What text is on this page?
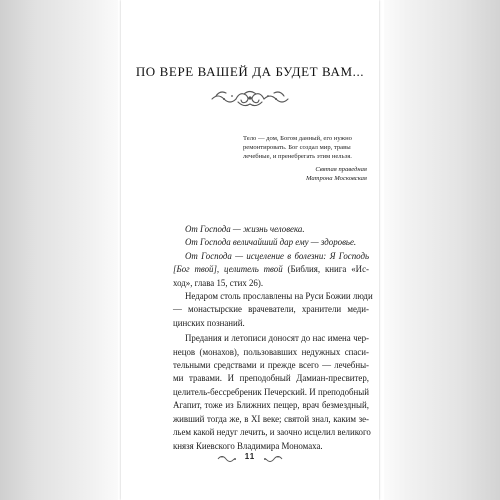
ПО ВЕРЕ ВАШЕЙ ДА БУДЕТ ВАМ...

Тело — дом, Богом данный, его нужно

ремонтировать. Бог создал мир, травы

лечебные, и пренебрегать этим нельзя.

Святая праведная

Матрона Московская

От Господа — жизнь человека.
От Господа величайший дар ему — здоровье.
От Господа — исцеление в болезни: Я Господь
[Бог твой], целитель твой (Библия, книга «Ис-
ход», глава 15, стих 26).
Недаром столь прославлены на Руси Божии люди
— монастырские врачеватели, хранители меди-
цинских познаний.
Предания и летописи доносят до нас имена чер-
нецов (монахов), пользовавших недужных спаси-
тельными средствами и прежде всего — лечебны-
ми травами. И преподобный Дамиан-пресвитер,
целитель-бессребреник Печерский. И преподобный
Агапит, тоже из Ближних пещер, врач безмездный,
живший тогда же, в XI веке; святой знал, каким зе-
льем какой недуг лечить, и заочно исцелил великого
князя Киевского Владимира Мономаха.
11
